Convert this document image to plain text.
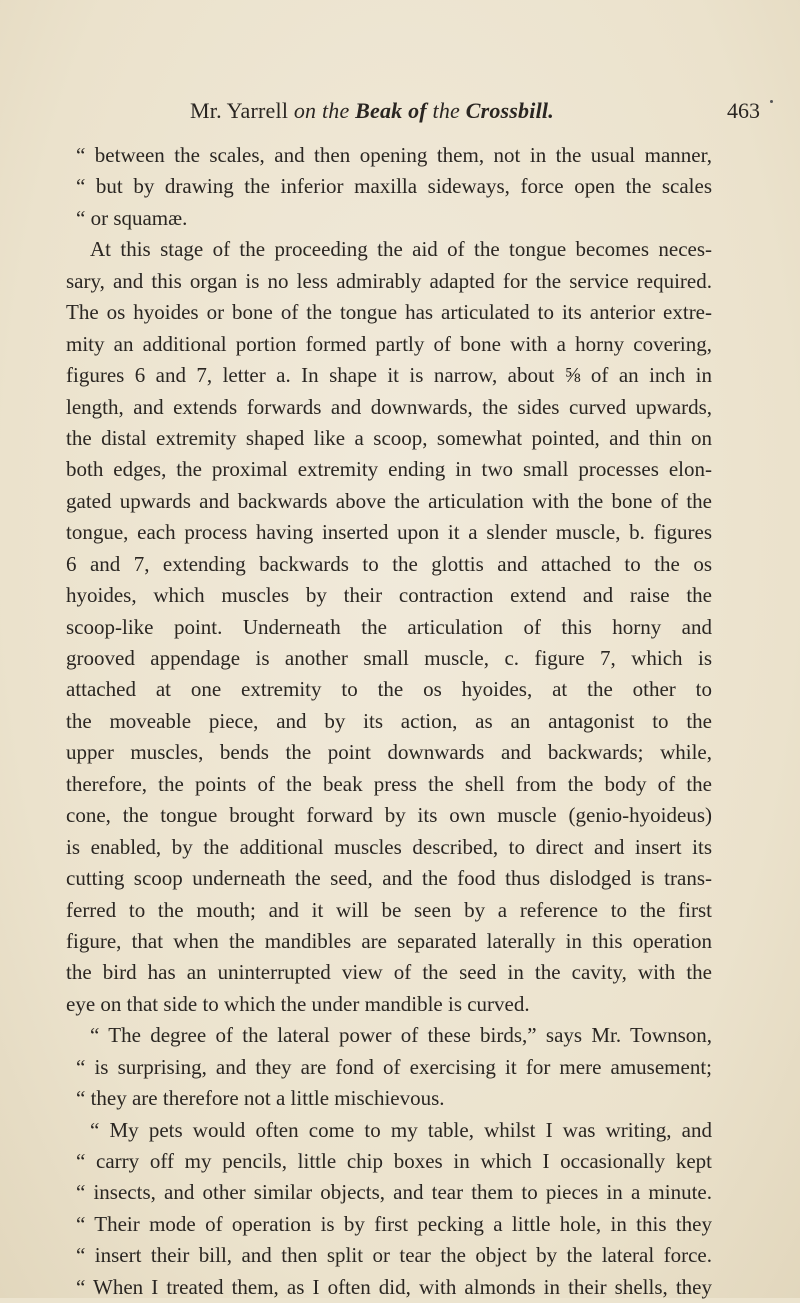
Mr. Yarrell on the Beak of the Crossbill.	463
“ between the scales, and then opening them, not in the usual manner,
“ but by drawing the inferior maxilla sideways, force open the scales
“ or squamæ.
At this stage of the proceeding the aid of the tongue becomes neces-
sary, and this organ is no less admirably adapted for the service required.
The os hyoides or bone of the tongue has articulated to its anterior extre-
mity an additional portion formed partly of bone with a horny covering,
figures 6 and 7, letter a. In shape it is narrow, about ⅝ of an inch in
length, and extends forwards and downwards, the sides curved upwards,
the distal extremity shaped like a scoop, somewhat pointed, and thin on
both edges, the proximal extremity ending in two small processes elon-
gated upwards and backwards above the articulation with the bone of the
tongue, each process having inserted upon it a slender muscle, b. figures
6 and 7, extending backwards to the glottis and attached to the os
hyoides, which muscles by their contraction extend and raise the
scoop-like point. Underneath the articulation of this horny and
grooved appendage is another small muscle, c. figure 7, which is
attached at one extremity to the os hyoides, at the other to
the moveable piece, and by its action, as an antagonist to the
upper muscles, bends the point downwards and backwards; while,
therefore, the points of the beak press the shell from the body of the
cone, the tongue brought forward by its own muscle (genio-hyoideus)
is enabled, by the additional muscles described, to direct and insert its
cutting scoop underneath the seed, and the food thus dislodged is trans-
ferred to the mouth; and it will be seen by a reference to the first
figure, that when the mandibles are separated laterally in this operation
the bird has an uninterrupted view of the seed in the cavity, with the
eye on that side to which the under mandible is curved.
“ The degree of the lateral power of these birds,” says Mr. Townson,
“ is surprising, and they are fond of exercising it for mere amusement;
“ they are therefore not a little mischievous.
“ My pets would often come to my table, whilst I was writing, and
“ carry off my pencils, little chip boxes in which I occasionally kept
“ insects, and other similar objects, and tear them to pieces in a minute.
“ Their mode of operation is by first pecking a little hole, in this they
“ insert their bill, and then split or tear the object by the lateral force.
“ When I treated them, as I often did, with almonds in their shells, they
